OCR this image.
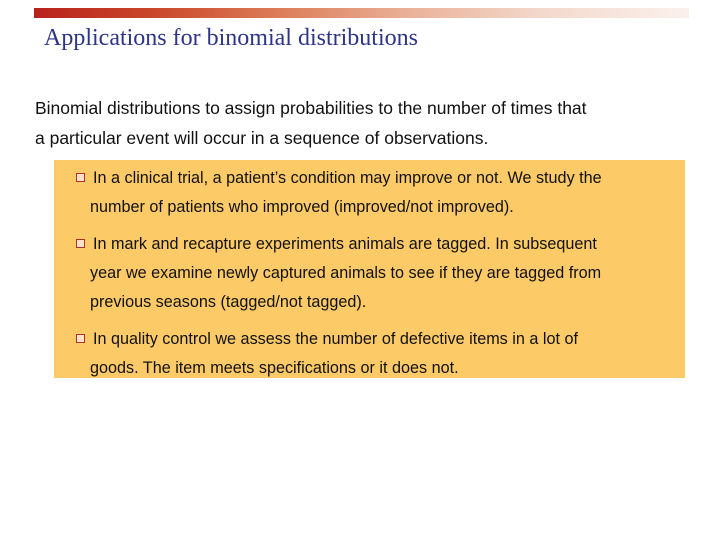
Applications for binomial distributions
Binomial distributions to assign probabilities to the number of times that
a particular event will occur in a sequence of observations.
In a clinical trial, a patient’s condition may improve or not. We study the
number of patients who improved (improved/not improved).
In mark and recapture experiments animals are tagged. In subsequent
year we examine newly captured animals to see if they are tagged from
previous seasons (tagged/not tagged).
In quality control we assess the number of defective items in a lot of
goods. The item meets specifications or it does not.
